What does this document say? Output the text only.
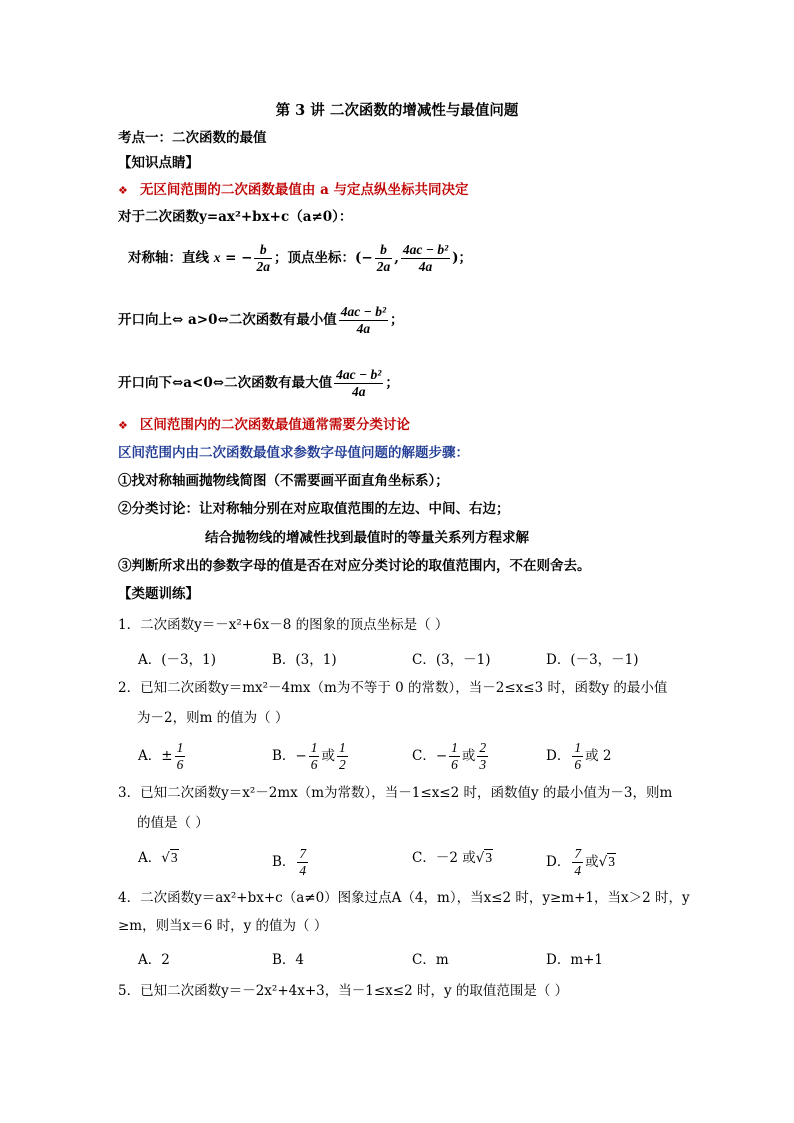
第 3 讲 二次函数的增减性与最值问题
考点一：二次函数的最值
【知识点睛】
❖ 无区间范围的二次函数最值由 a 与定点纵坐标共同决定
对于二次函数y=ax²+bx+c（a≠0）：
对称轴：直线 x = − $\frac{b}{2a}$ ；顶点坐标：(− $\frac{b}{2a}$ , $\frac{\text{4ac − b²}}{4a}$ )；
开口向上⇔ a>0⇔二次函数有最小值 $\frac{\text{4ac − b²}}{4a}$ ；
开口向下⇔a<0⇔二次函数有最大值 $\frac{\text{4ac − b²}}{4a}$ ；
❖ 区间范围内的二次函数最值通常需要分类讨论
区间范围内由二次函数最值求参数字母值问题的解题步骤：
①找对称轴画抛物线简图（不需要画平面直角坐标系）；
②分类讨论：让对称轴分别在对应取值范围的左边、中间、右边；
结合抛物线的增减性找到最值时的等量关系列方程求解
③判断所求出的参数字母的值是否在对应分类讨论的取值范围内，不在则舍去。
【类题训练】
1．二次函数y＝－x²+6x－8 的图象的顶点坐标是（ ）
A．(－3，1)	B．(3，1)	C．(3，－1)	D．(－3，－1)
2．已知二次函数y＝mx²－4mx（m为不等于 0 的常数），当－2≤x≤3 时，函数y 的最小值
为－2，则m 的值为（ ）
A．± $\frac{1}{6}$	B．− $\frac{1}{6}$ 或 $\frac{1}{2}$	C．− $\frac{1}{6}$ 或 $\frac{2}{3}$	D． $\frac{1}{6}$ 或 2
3．已知二次函数y＝x²－2mx（m为常数），当－1≤x≤2 时，函数值y 的最小值为－3，则m
的值是（ ）
A．√3	B． $\frac{7}{4}$	C．－2 或√3	D． $\frac{7}{4}$ 或√3
4．二次函数y＝ax²+bx+c（a≠0）图象过点A（4，m），当x≤2 时，y≥m+1，当x＞2 时，y
≥m，则当x＝6 时，y 的值为（ ）
A．2	B．4	C．m	D．m+1
5．已知二次函数y＝－2x²+4x+3，当－1≤x≤2 时，y 的取值范围是（ ）
